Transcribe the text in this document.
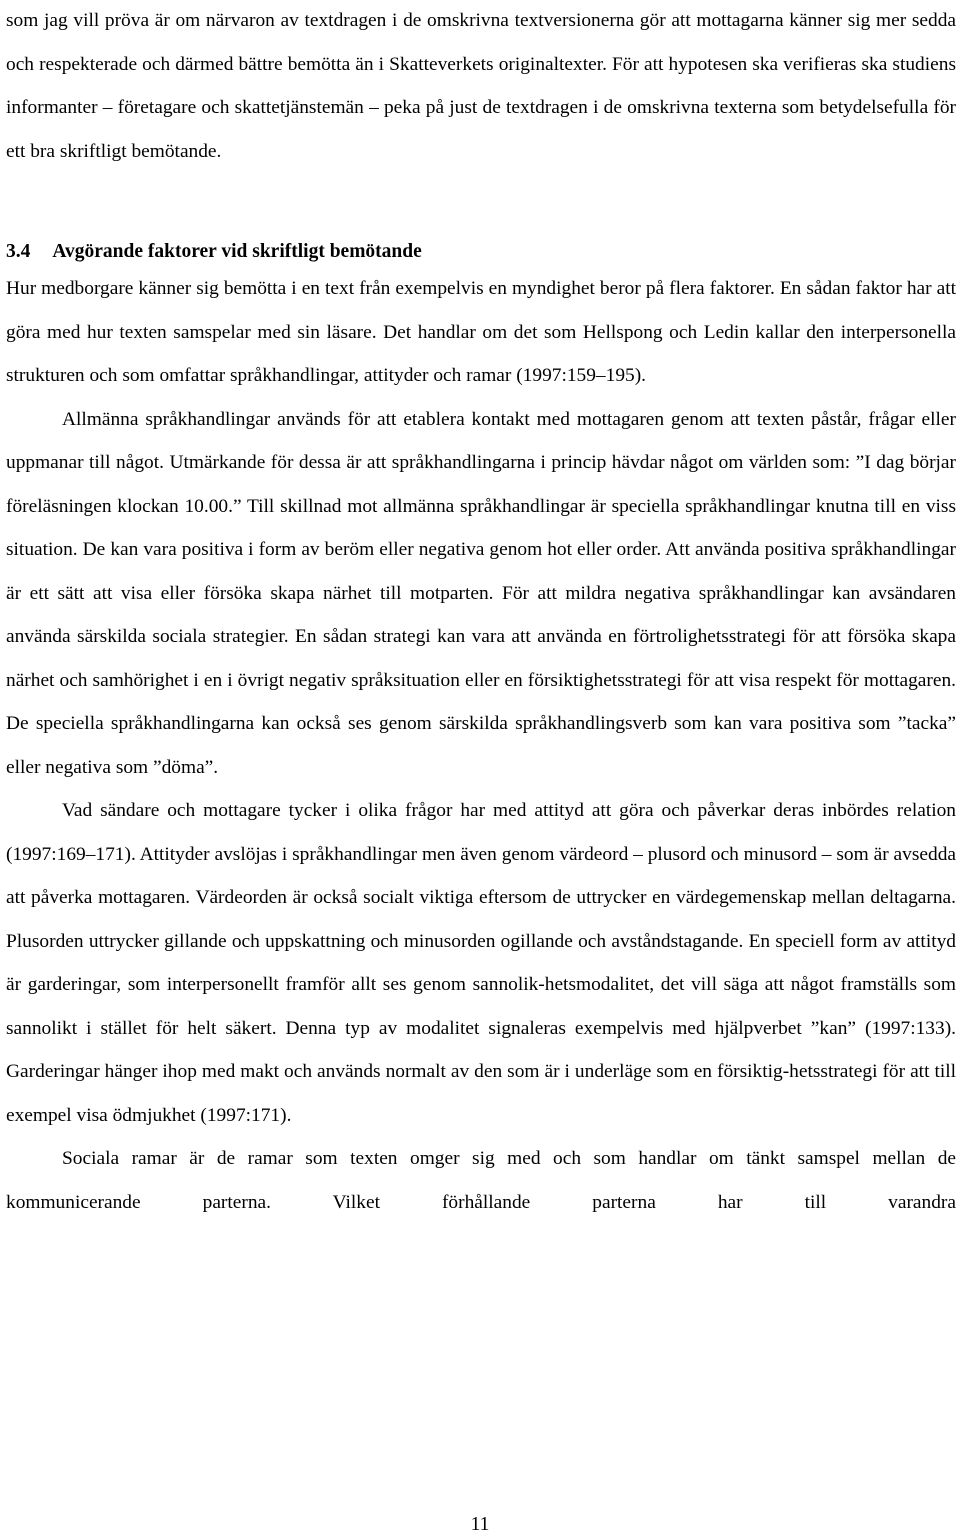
som jag vill pröva är om närvaron av textdragen i de omskrivna textversionerna gör att mottagarna känner sig mer sedda och respekterade och därmed bättre bemötta än i Skatteverkets originaltexter. För att hypotesen ska verifieras ska studiens informanter – företagare och skattetjänstemän – peka på just de textdragen i de omskrivna texterna som betydelsefulla för ett bra skriftligt bemötande.

3.4 Avgörande faktorer vid skriftligt bemötande

Hur medborgare känner sig bemötta i en text från exempelvis en myndighet beror på flera faktorer. En sådan faktor har att göra med hur texten samspelar med sin läsare. Det handlar om det som Hellspong och Ledin kallar den interpersonella strukturen och som omfattar språkhandlingar, attityder och ramar (1997:159–195).

Allmänna språkhandlingar används för att etablera kontakt med mottagaren genom att texten påstår, frågar eller uppmanar till något. Utmärkande för dessa är att språkhandlingarna i princip hävdar något om världen som: ”I dag börjar föreläsningen klockan 10.00.” Till skillnad mot allmänna språkhandlingar är speciella språkhandlingar knutna till en viss situation. De kan vara positiva i form av beröm eller negativa genom hot eller order. Att använda positiva språkhandlingar är ett sätt att visa eller försöka skapa närhet till motparten. För att mildra negativa språkhandlingar kan avsändaren använda särskilda sociala strategier. En sådan strategi kan vara att använda en förtrolighetsstrategi för att försöka skapa närhet och samhörighet i en i övrigt negativ språksituation eller en försiktighetsstrategi för att visa respekt för mottagaren. De speciella språkhandlingarna kan också ses genom särskilda språkhandlingsverb som kan vara positiva som ”tacka” eller negativa som ”döma”.

Vad sändare och mottagare tycker i olika frågor har med attityd att göra och påverkar deras inbördes relation (1997:169–171). Attityder avslöjas i språkhandlingar men även genom värdeord – plusord och minusord – som är avsedda att påverka mottagaren. Värdeorden är också socialt viktiga eftersom de uttrycker en värdegemenskap mellan deltagarna. Plusorden uttrycker gillande och uppskattning och minusorden ogillande och avståndstagande. En speciell form av attityd är garderingar, som interpersonellt framför allt ses genom sannolik-hetsmodalitet, det vill säga att något framställs som sannolikt i stället för helt säkert. Denna typ av modalitet signaleras exempelvis med hjälpverbet ”kan” (1997:133). Garderingar hänger ihop med makt och används normalt av den som är i underläge som en försiktig-hetsstrategi för att till exempel visa ödmjukhet (1997:171).

Sociala ramar är de ramar som texten omger sig med och som handlar om tänkt samspel mellan de kommunicerande parterna. Vilket förhållande parterna har till varandra

11
